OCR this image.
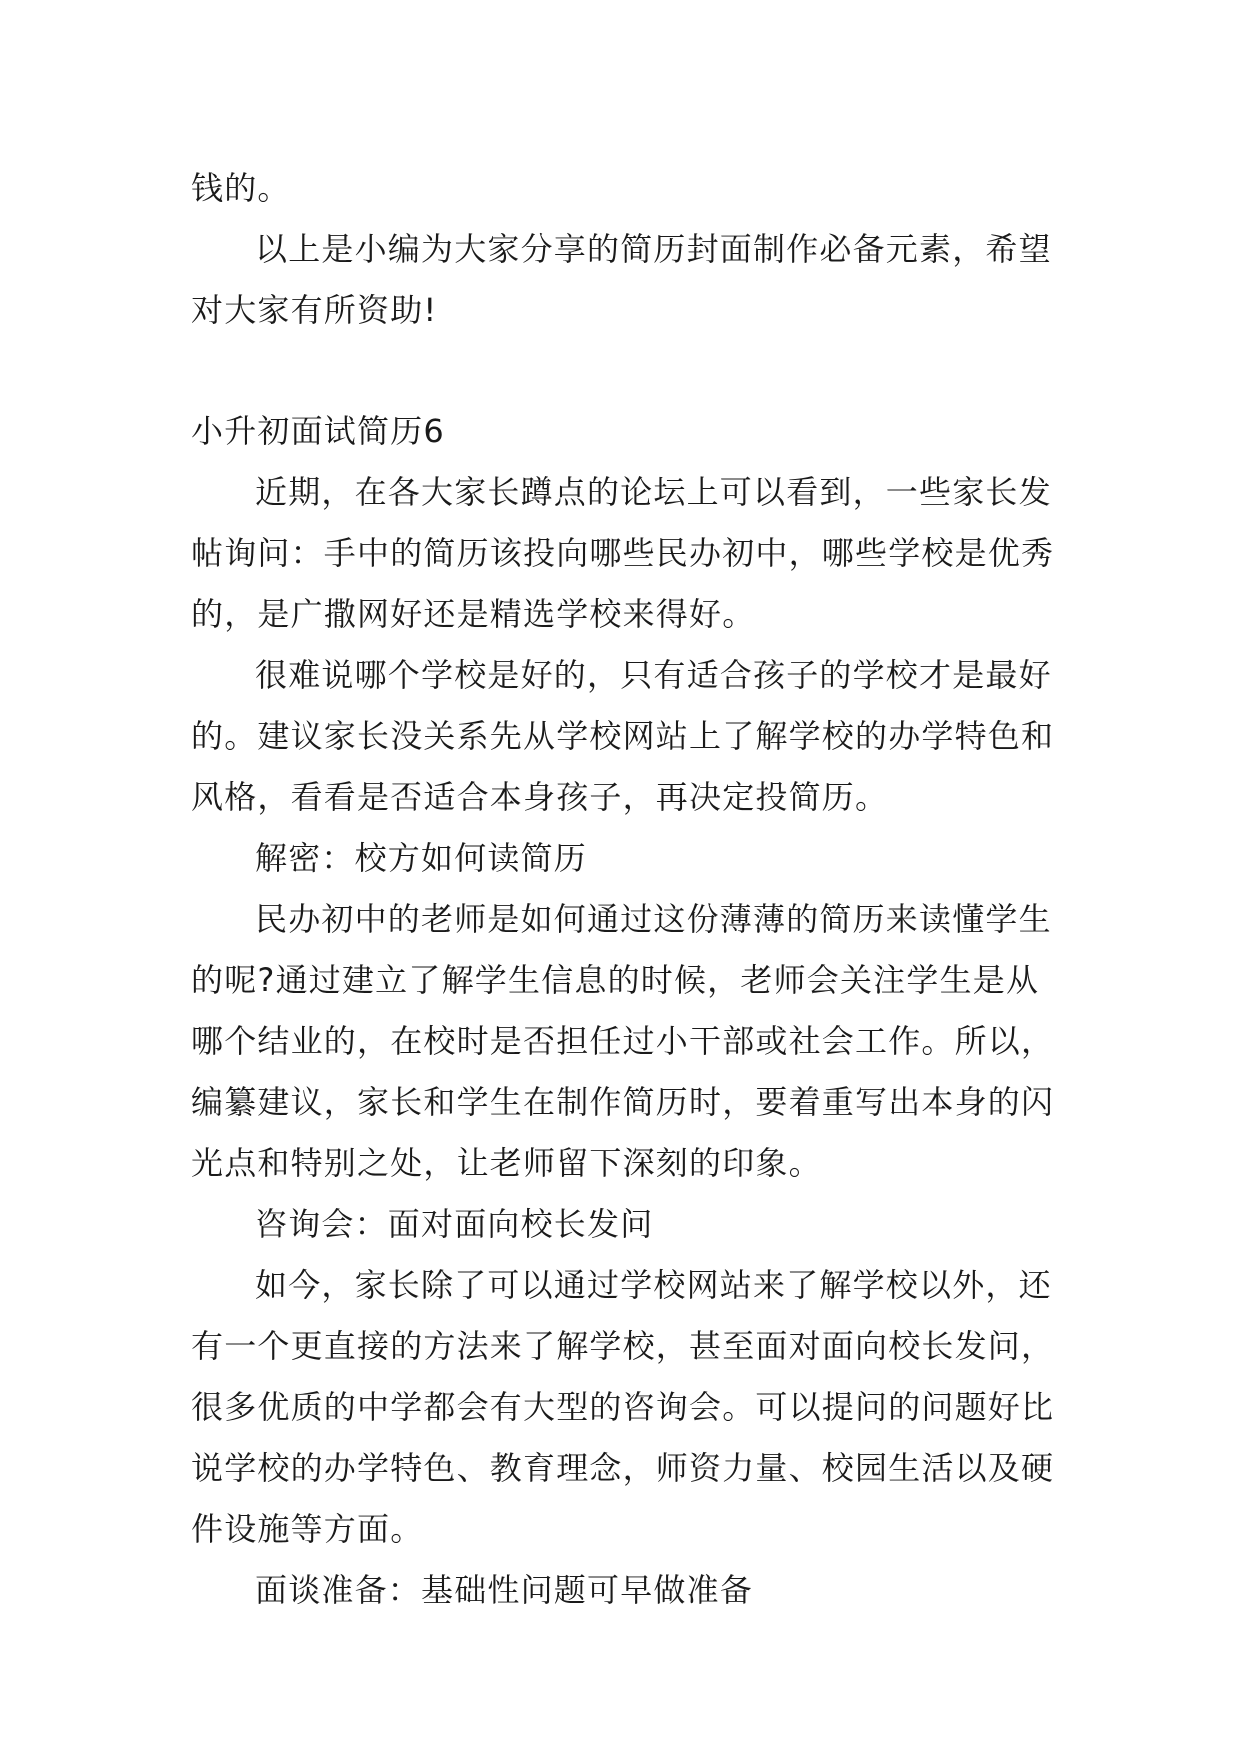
钱的。

以上是小编为大家分享的简历封面制作必备元素，希望对大家有所资助!

小升初面试简历6

近期，在各大家长蹲点的论坛上可以看到，一些家长发帖询问：手中的简历该投向哪些民办初中，哪些学校是优秀的，是广撒网好还是精选学校来得好。

很难说哪个学校是好的，只有适合孩子的学校才是最好的。建议家长没关系先从学校网站上了解学校的办学特色和风格，看看是否适合本身孩子，再决定投简历。

解密：校方如何读简历

民办初中的老师是如何通过这份薄薄的简历来读懂学生的呢?通过建立了解学生信息的时候，老师会关注学生是从哪个结业的，在校时是否担任过小干部或社会工作。所以，编纂建议，家长和学生在制作简历时，要着重写出本身的闪光点和特别之处，让老师留下深刻的印象。

咨询会：面对面向校长发问

如今，家长除了可以通过学校网站来了解学校以外，还有一个更直接的方法来了解学校，甚至面对面向校长发问，很多优质的中学都会有大型的咨询会。可以提问的问题好比说学校的办学特色、教育理念，师资力量、校园生活以及硬件设施等方面。

面谈准备：基础性问题可早做准备
